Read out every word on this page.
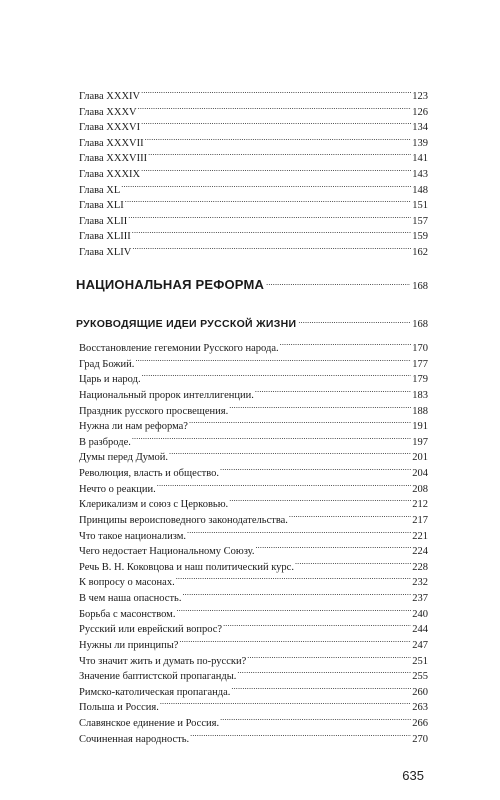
Глава XXXIV .....	123
Глава XXXV .....	126
Глава XXXVI .....	134
Глава XXXVII .....	139
Глава XXXVIII .....	141
Глава XXXIX .....	143
Глава XL .....	148
Глава XLI .....	151
Глава XLII .....	157
Глава XLIII .....	159
Глава XLIV .....	162
НАЦИОНАЛЬНАЯ РЕФОРМА .....	168
РУКОВОДЯЩИЕ ИДЕИ РУССКОЙ ЖИЗНИ .....	168
Восстановление гегемонии Русского народа. .....	170
Град Божий. .....	177
Царь и народ. .....	179
Национальный пророк интеллигенции. .....	183
Праздник русского просвещения. .....	188
Нужна ли нам реформа? .....	191
В разброде. .....	197
Думы перед Думой. .....	201
Революция, власть и общество. .....	204
Нечто о реакции. .....	208
Клерикализм и союз с Церковью. .....	212
Принципы вероисповедного законодательства. .....	217
Что такое национализм. .....	221
Чего недостает Национальному Союзу. .....	224
Речь В. Н. Коковцова и наш политический курс. .....	228
К вопросу о масонах. .....	232
В чем наша опасность. .....	237
Борьба с масонством. .....	240
Русский или еврейский вопрос? .....	244
Нужны ли принципы? .....	247
Что значит жить и думать по-русски? .....	251
Значение баптистской пропаганды. .....	255
Римско-католическая пропаганда. .....	260
Польша и Россия. .....	263
Славянское единение и Россия. .....	266
Сочиненная народность. .....	270
635
